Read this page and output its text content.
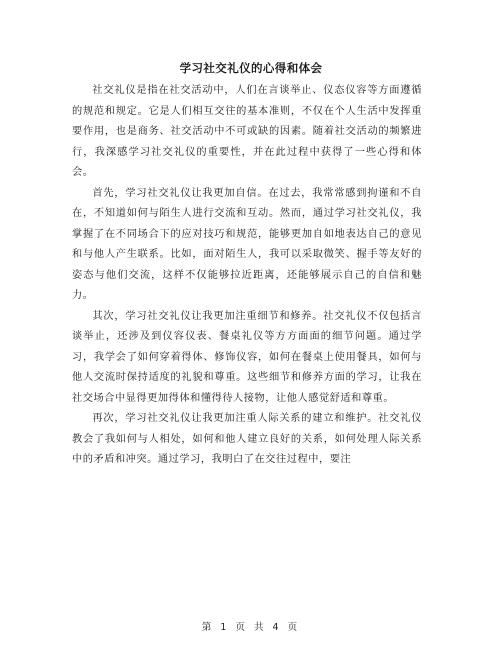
学习社交礼仪的心得和体会

社交礼仪是指在社交活动中，人们在言谈举止、仪态仪容等方面遵循的规范和规定。它是人们相互交往的基本准则，不仅在个人生活中发挥重要作用，也是商务、社交活动中不可或缺的因素。随着社交活动的频繁进行，我深感学习社交礼仪的重要性，并在此过程中获得了一些心得和体会。

首先，学习社交礼仪让我更加自信。在过去，我常常感到拘谨和不自在，不知道如何与陌生人进行交流和互动。然而，通过学习社交礼仪，我掌握了在不同场合下的应对技巧和规范，能够更加自如地表达自己的意见和与他人产生联系。比如，面对陌生人，我可以采取微笑、握手等友好的姿态与他们交流，这样不仅能够拉近距离，还能够展示自己的自信和魅力。

其次，学习社交礼仪让我更加注重细节和修养。社交礼仪不仅包括言谈举止，还涉及到仪容仪表、餐桌礼仪等方方面面的细节问题。通过学习，我学会了如何穿着得体、修饰仪容，如何在餐桌上使用餐具，如何与他人交流时保持适度的礼貌和尊重。这些细节和修养方面的学习，让我在社交场合中显得更加得体和懂得待人接物，让他人感觉舒适和尊重。

再次，学习社交礼仪让我更加注重人际关系的建立和维护。社交礼仪教会了我如何与人相处，如何和他人建立良好的关系，如何处理人际关系中的矛盾和冲突。通过学习，我明白了在交往过程中，要注

第 1 页 共 4 页
